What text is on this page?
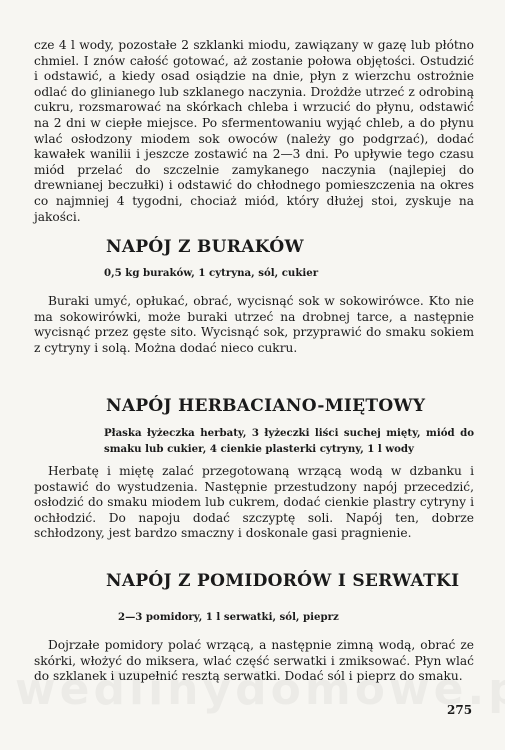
cze 4 l wody, pozostałe 2 szklanki miodu, zawiązany w gazę lub płótno chmiel. I znów całość gotować, aż zostanie połowa objętości. Ostudzić i odstawić, a kiedy osad osiądzie na dnie, płyn z wierzchu ostrożnie odlać do glinianego lub szklanego naczynia. Drożdże utrzeć z odrobiną cukru, rozsmarować na skórkach chleba i wrzucić do płynu, odstawić na 2 dni w ciepłe miejsce. Po sfermentowaniu wyjąć chleb, a do płynu wlać osłodzony miodem sok owoców (należy go podgrzać), dodać kawałek wanilii i jeszcze zostawić na 2—3 dni. Po upływie tego czasu miód przelać do szczelnie zamykanego naczynia (najlepiej do drewnianej beczułki) i odstawić do chłodnego pomieszczenia na okres co najmniej 4 tygodni, chociaż miód, który dłużej stoi, zyskuje na jakości.

NAPÓJ Z BURAKÓW

0,5 kg buraków, 1 cytryna, sól, cukier

Buraki umyć, opłukać, obrać, wycisnąć sok w sokowirówce. Kto nie ma sokowirówki, może buraki utrzeć na drobnej tarce, a następnie wycisnąć przez gęste sito. Wycisnąć sok, przyprawić do smaku sokiem z cytryny i solą. Można dodać nieco cukru.

NAPÓJ HERBACIANO-MIĘTOWY

Płaska łyżeczka herbaty, 3 łyżeczki liści suchej mięty, miód do smaku lub cukier, 4 cienkie plasterki cytryny, 1 l wody

Herbatę i miętę zalać przegotowaną wrzącą wodą w dzbanku i postawić do wystudzenia. Następnie przestudzony napój przecedzić, osłodzić do smaku miodem lub cukrem, dodać cienkie plastry cytryny i ochłodzić. Do napoju dodać szczyptę soli. Napój ten, dobrze schłodzony, jest bardzo smaczny i doskonale gasi pragnienie.

NAPÓJ Z POMIDORÓW I SERWATKI

2—3 pomidory, 1 l serwatki, sól, pieprz

Dojrzałe pomidory polać wrzącą, a następnie zimną wodą, obrać ze skórki, włożyć do miksera, wlać część serwatki i zmiksować. Płyn wlać do szklanek i uzupełnić resztą serwatki. Dodać sól i pieprz do smaku.

275
